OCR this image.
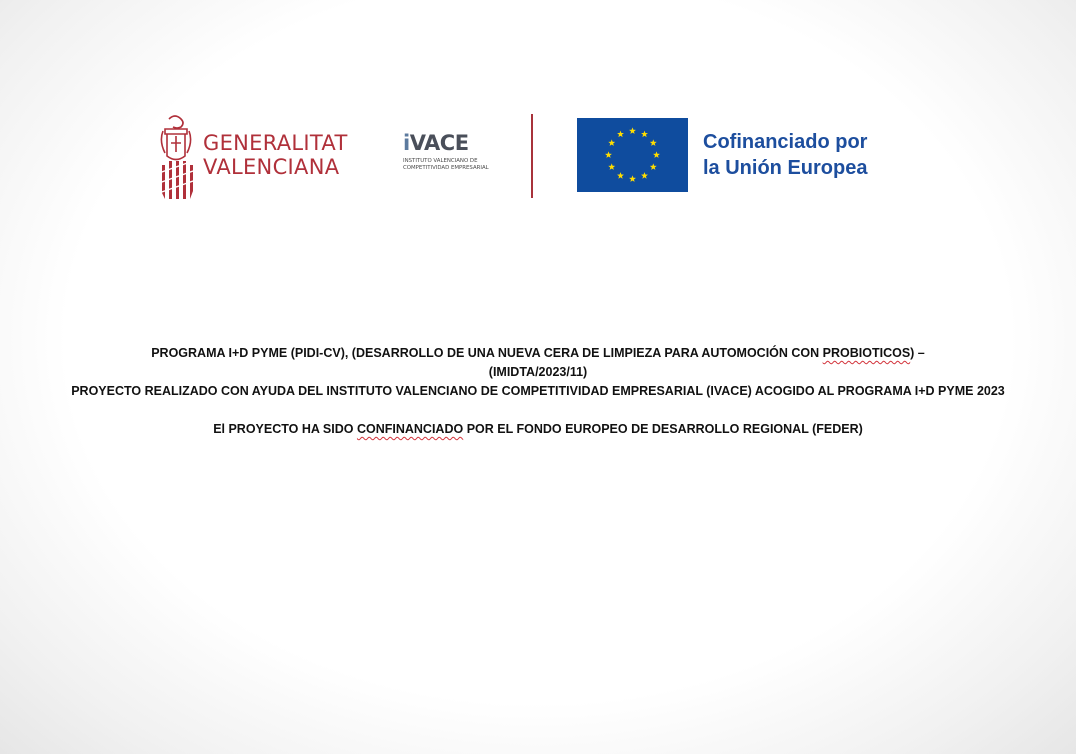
GENERALITAT
VALENCIANA
iVACE
INSTITUTO VALENCIANO DE
COMPETITIVIDAD EMPRESARIAL
Cofinanciado por
la Unión Europea

PROGRAMA I+D PYME (PIDI-CV), (DESARROLLO DE UNA NUEVA CERA DE LIMPIEZA PARA AUTOMOCIÓN CON PROBIOTICOS) –

(IMIDTA/2023/11)

PROYECTO REALIZADO CON AYUDA DEL INSTITUTO VALENCIANO DE COMPETITIVIDAD EMPRESARIAL (IVACE) ACOGIDO AL PROGRAMA I+D PYME 2023

El PROYECTO HA SIDO CONFINANCIADO POR EL FONDO EUROPEO DE DESARROLLO REGIONAL (FEDER)
